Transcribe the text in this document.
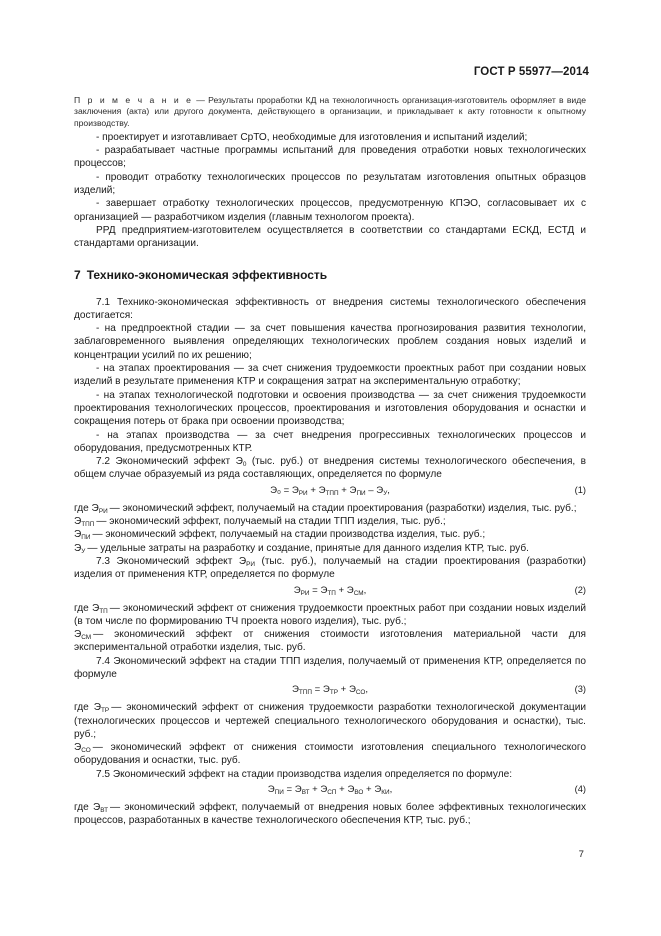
ГОСТ Р 55977—2014

П р и м е ч а н и е — Результаты проработки КД на технологичность организация-изготовитель оформляет в виде заключения (акта) или другого документа, действующего в организации, и прикладывает к акту готовности к опытному производству.

- проектирует и изготавливает СрТО, необходимые для изготовления и испытаний изделий;

- разрабатывает частные программы испытаний для проведения отработки новых технологических процессов;

- проводит отработку технологических процессов по результатам изготовления опытных образцов изделий;

- завершает отработку технологических процессов, предусмотренную КПЭО, согласовывает их с организацией — разработчиком изделия (главным технологом проекта).

РРД предприятием-изготовителем осуществляется в соответствии со стандартами ЕСКД, ЕСТД и стандартами организации.

7 Технико-экономическая эффективность

7.1 Технико-экономическая эффективность от внедрения системы технологического обеспечения достигается:

- на предпроектной стадии — за счет повышения качества прогнозирования развития технологии, заблаговременного выявления определяющих технологических проблем создания новых изделий и концентрации усилий по их решению;

- на этапах проектирования — за счет снижения трудоемкости проектных работ при создании новых изделий в результате применения КТР и сокращения затрат на экспериментальную отработку;

- на этапах технологической подготовки и освоения производства — за счет снижения трудоемкости проектирования технологических процессов, проектирования и изготовления оборудования и оснастки и сокращения потерь от брака при освоении производства;

- на этапах производства — за счет внедрения прогрессивных технологических процессов и оборудования, предусмотренных КТР.

7.2 Экономический эффект $Э_0$ (тыс. руб.) от внедрения системы технологического обеспечения, в общем случае образуемый из ряда составляющих, определяется по формуле

$Э_0 = Э_{РИ} + Э_{ТПП} + Э_{ПИ} - Э_У$,	(1)
где $Э_{РИ}$ — экономический эффект, получаемый на стадии проектирования (разработки) изделия, тыс. руб.;
$Э_{ТПП}$ — экономический эффект, получаемый на стадии ТПП изделия, тыс. руб.;
$Э_{ПИ}$ — экономический эффект, получаемый на стадии производства изделия, тыс. руб.;
$Э_У$ — удельные затраты на разработку и создание, принятые для данного изделия КТР, тыс. руб.

7.3 Экономический эффект $Э_{РИ}$ (тыс. руб.), получаемый на стадии проектирования (разработки) изделия от применения КТР, определяется по формуле

$Э_{РИ} = Э_{ТП} + Э_{СМ}$,	(2)
где $Э_{ТП}$ — экономический эффект от снижения трудоемкости проектных работ при создании новых изделий (в том числе по формированию ТЧ проекта нового изделия), тыс. руб.;
$Э_{СМ}$ — экономический эффект от снижения стоимости изготовления материальной части для экспериментальной отработки изделия, тыс. руб.

7.4 Экономический эффект на стадии ТПП изделия, получаемый от применения КТР, определяется по формуле

$Э_{ТПП} = Э_{ТР} + Э_{СО}$,	(3)
где $Э_{ТР}$ — экономический эффект от снижения трудоемкости разработки технологической документации (технологических процессов и чертежей специального технологического оборудования и оснастки), тыс. руб.;
$Э_{СО}$ — экономический эффект от снижения стоимости изготовления специального технологического оборудования и оснастки, тыс. руб.

7.5 Экономический эффект на стадии производства изделия определяется по формуле:

$Э_{ПИ} = Э_{ВТ} + Э_{СП} + Э_{ВО} + Э_{КИ}$,	(4)
где $Э_{ВТ}$ — экономический эффект, получаемый от внедрения новых более эффективных технологических процессов, разработанных в качестве технологического обеспечения КТР, тыс. руб.;
7
